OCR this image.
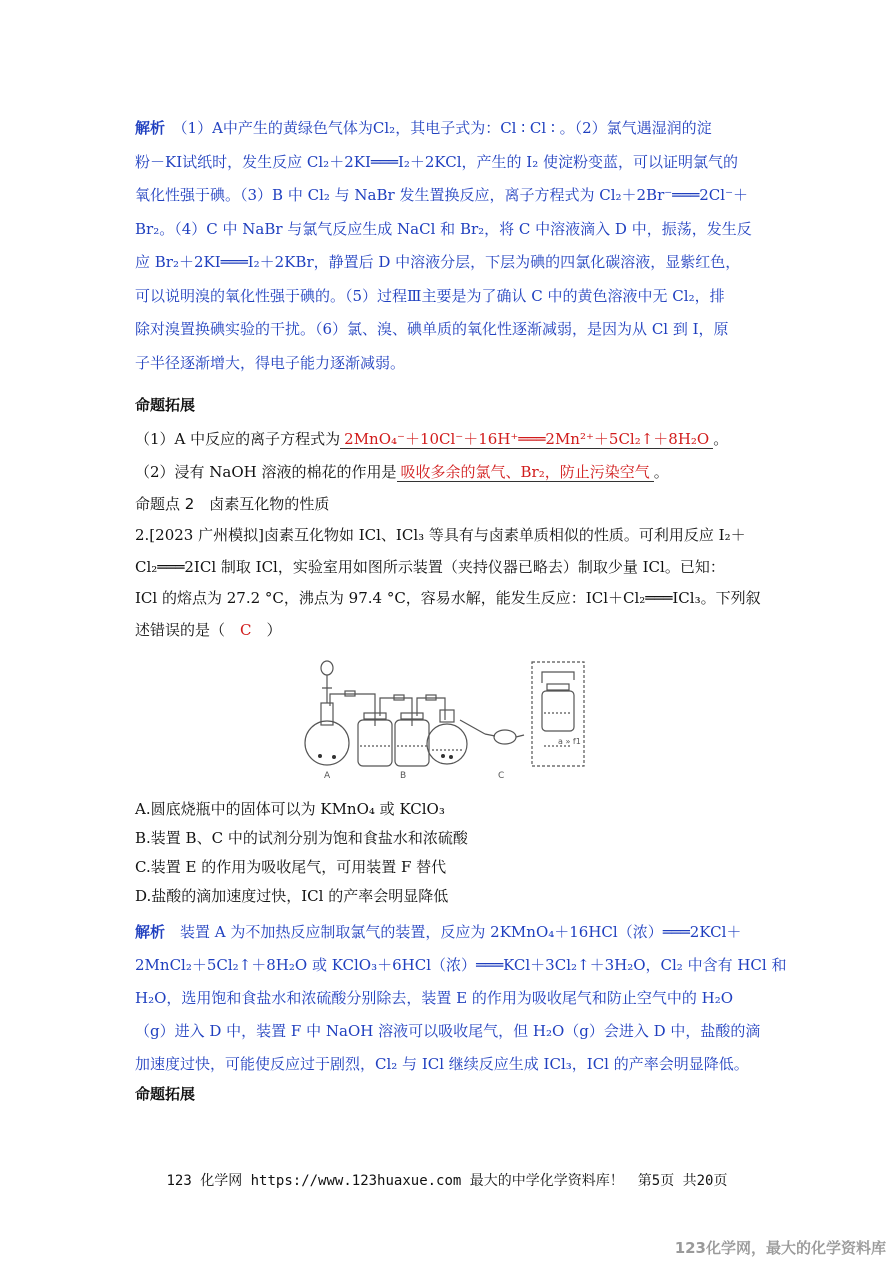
解析　 （1）A中产生的黄绿色气体为Cl₂，其电子式为：Cl ∶ Cl ∶ 。（2）氯气遇湿润的淀
粉－KI试纸时，发生反应 Cl₂＋2KI═══I₂＋2KCl，产生的 I₂ 使淀粉变蓝，可以证明氯气的
氧化性强于碘。（3）B 中 Cl₂ 与 NaBr 发生置换反应，离子方程式为 Cl₂＋2Br⁻═══2Cl⁻＋
Br₂。（4）C 中 NaBr 与氯气反应生成 NaCl 和 Br₂，将 C 中溶液滴入 D 中，振荡，发生反
应 Br₂＋2KI═══I₂＋2KBr，静置后 D 中溶液分层，下层为碘的四氯化碳溶液，显紫红色，
可以说明溴的氧化性强于碘的。（5）过程Ⅲ主要是为了确认 C 中的黄色溶液中无 Cl₂，排
除对溴置换碘实验的干扰。（6）氯、溴、碘单质的氧化性逐渐减弱，是因为从 Cl 到 I，原
子半径逐渐增大，得电子能力逐渐减弱。
命题拓展
（1）A 中反应的离子方程式为 2MnO₄⁻＋10Cl⁻＋16H⁺═══2Mn²⁺＋5Cl₂↑＋8H₂O 。
（2）浸有 NaOH 溶液的棉花的作用是 吸收多余的氯气、Br₂，防止污染空气 。
命题点 2　卤素互化物的性质
2.[2023 广州模拟]卤素互化物如 ICl、ICl₃ 等具有与卤素单质相似的性质。可利用反应 I₂＋
Cl₂═══2ICl 制取 ICl，实验室用如图所示装置（夹持仪器已略去）制取少量 ICl。已知：
ICl 的熔点为 27.2 °C，沸点为 97.4 °C，容易水解，能发生反应：ICl＋Cl₂═══ICl₃。下列叙
述错误的是（　 C　 ）
A	B	C
a » f1
A.圆底烧瓶中的固体可以为 KMnO₄ 或 KClO₃
B.装置 B、C 中的试剂分别为饱和食盐水和浓硫酸
C.装置 E 的作用为吸收尾气，可用装置 F 替代
D.盐酸的滴加速度过快，ICl 的产率会明显降低
解析　 装置 A 为不加热反应制取氯气的装置，反应为 2KMnO₄＋16HCl（浓）═══2KCl＋
2MnCl₂＋5Cl₂↑＋8H₂O 或 KClO₃＋6HCl（浓）═══KCl＋3Cl₂↑＋3H₂O，Cl₂ 中含有 HCl 和
H₂O，选用饱和食盐水和浓硫酸分别除去，装置 E 的作用为吸收尾气和防止空气中的 H₂O
（g）进入 D 中，装置 F 中 NaOH 溶液可以吸收尾气，但 H₂O（g）会进入 D 中，盐酸的滴
加速度过快，可能使反应过于剧烈，Cl₂ 与 ICl 继续反应生成 ICl₃，ICl 的产率会明显降低。
命题拓展
123 化学网 https://www.123huaxue.com 最大的中学化学资料库！　第5页 共20页
123化学网，最大的化学资料库
